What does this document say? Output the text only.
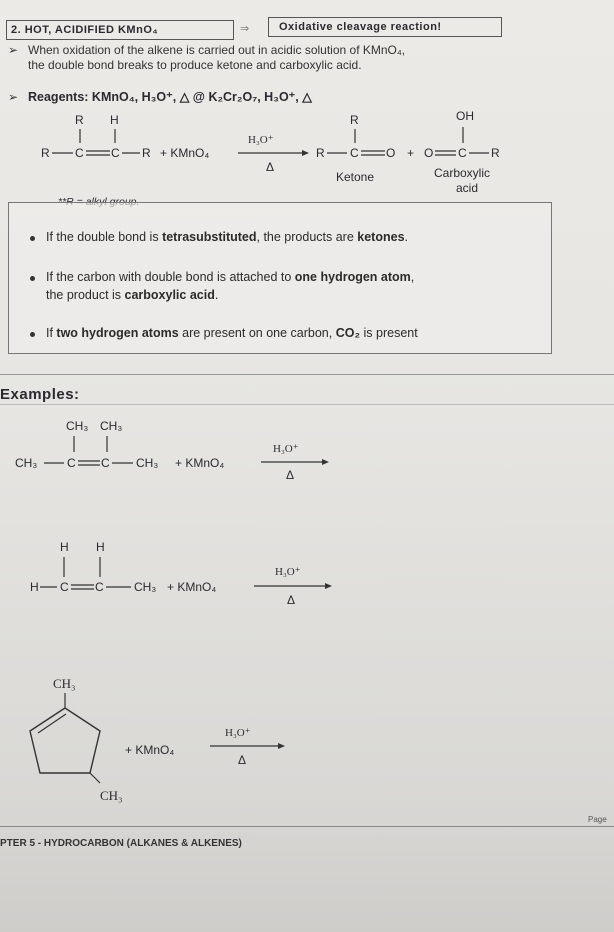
2. HOT, ACIDIFIED KMnO₄	⇒	Oxidative cleavage reaction!
➢ When oxidation of the alkene is carried out in acidic solution of KMnO₄,
the double bond breaks to produce ketone and carboxylic acid.
➢ Reagents: KMnO₄, H₃O⁺, △ @ K₂Cr₂O₇, H₃O⁺, △
R H
R C C R + KMnO₄
H₃O⁺
Δ
R
R C O +
OH
O C R
Ketone	Carboxylic
acid
If the double bond is tetrasubstituted, the products are ketones.
If the carbon with double bond is attached to one hydrogen atom,
the product is carboxylic acid.
If two hydrogen atoms are present on one carbon, CO₂ is present
Examples:
CH₃ CH₃
CH₃ C C CH₃ + KMnO₄
H₃O⁺
Δ
H H
H C C	CH₃ + KMnO₄
H₃O⁺
Δ
CH₃
CH₃
+ KMnO₄
H₃O⁺
Δ
PTER 5 - HYDROCARBON (ALKANES & ALKENES)
Page
